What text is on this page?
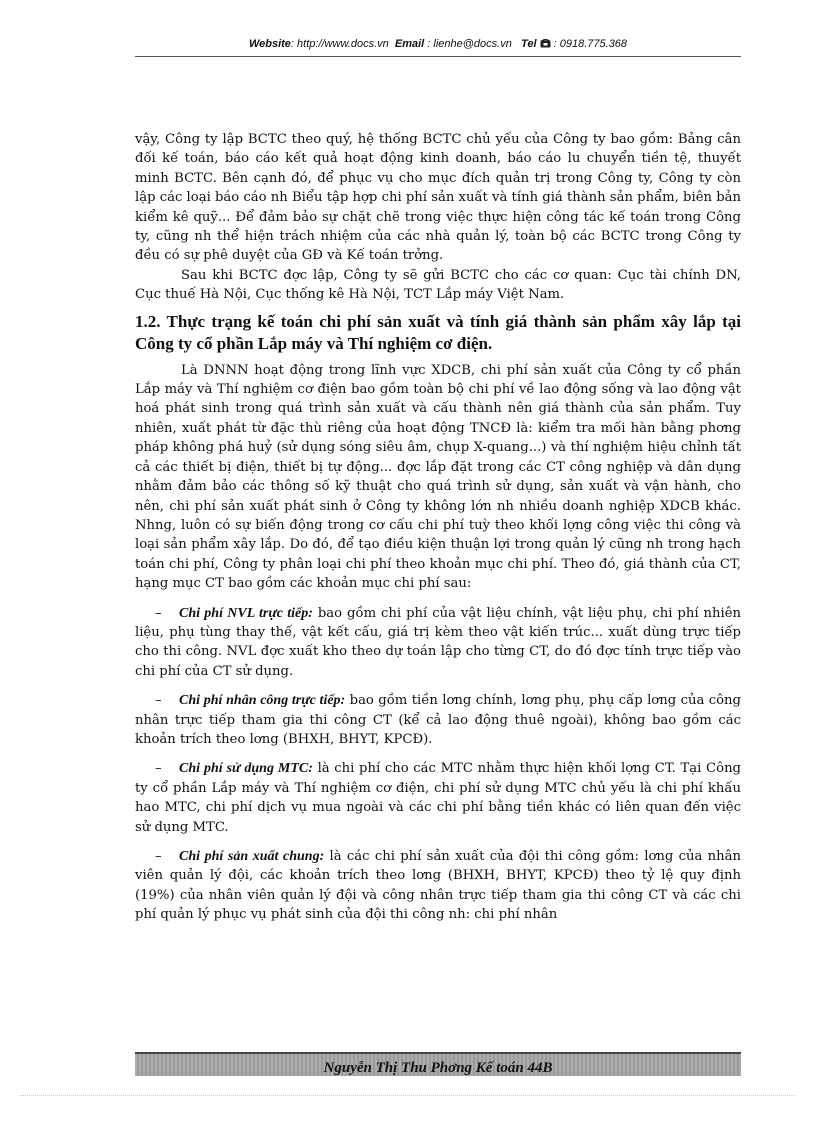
Website: http://www.docs.vn Email : lienhe@docs.vn Tel : 0918.775.368

vậy, Công ty lập BCTC theo quý, hệ thống BCTC chủ yếu của Công ty bao gồm: Bảng cân đối kế toán, báo cáo kết quả hoạt động kinh doanh, báo cáo lu chuyển tiền tệ, thuyết minh BCTC. Bên cạnh đó, để phục vụ cho mục đích quản trị trong Công ty, Công ty còn lập các loại báo cáo nh Biểu tập hợp chi phí sản xuất và tính giá thành sản phẩm, biên bản kiểm kê quỹ... Để đảm bảo sự chặt chẽ trong việc thực hiện công tác kế toán trong Công ty, cũng nh thể hiện trách nhiệm của các nhà quản lý, toàn bộ các BCTC trong Công ty đều có sự phê duyệt của GĐ và Kế toán trởng.

Sau khi BCTC đợc lập, Công ty sẽ gửi BCTC cho các cơ quan: Cục tài chính DN, Cục thuế Hà Nội, Cục thống kê Hà Nội, TCT Lắp máy Việt Nam.

1.2. Thực trạng kế toán chi phí sản xuất và tính giá thành sản phẩm xây lắp tại Công ty cổ phần Lắp máy và Thí nghiệm cơ điện.

Là DNNN hoạt động trong lĩnh vực XDCB, chi phí sản xuất của Công ty cổ phần Lắp máy và Thí nghiệm cơ điện bao gồm toàn bộ chi phí về lao động sống và lao động vật hoá phát sinh trong quá trình sản xuất và cấu thành nên giá thành của sản phẩm. Tuy nhiên, xuất phát từ đặc thù riêng của hoạt động TNCĐ là: kiểm tra mối hàn bằng phơng pháp không phá huỷ (sử dụng sóng siêu âm, chụp X-quang...) và thí nghiệm hiệu chỉnh tất cả các thiết bị điện, thiết bị tự động... đợc lắp đặt trong các CT công nghiệp và dân dụng nhằm đảm bảo các thông số kỹ thuật cho quá trình sử dụng, sản xuất và vận hành, cho nên, chi phí sản xuất phát sinh ở Công ty không lớn nh nhiều doanh nghiệp XDCB khác. Nhng, luôn có sự biến động trong cơ cấu chi phí tuỳ theo khối lợng công việc thi công và loại sản phẩm xây lắp. Do đó, để tạo điều kiện thuận lợi trong quản lý cũng nh trong hạch toán chi phí, Công ty phân loại chi phí theo khoản mục chi phí. Theo đó, giá thành của CT, hạng mục CT bao gồm các khoản mục chi phí sau:

– Chi phí NVL trực tiếp: bao gồm chi phí của vật liệu chính, vật liệu phụ, chi phí nhiên liệu, phụ tùng thay thế, vật kết cấu, giá trị kèm theo vật kiến trúc... xuất dùng trực tiếp cho thi công. NVL đợc xuất kho theo dự toán lập cho từng CT, do đó đợc tính trực tiếp vào chi phí của CT sử dụng.

– Chi phí nhân công trực tiếp: bao gồm tiền lơng chính, lơng phụ, phụ cấp lơng của công nhân trực tiếp tham gia thi công CT (kể cả lao động thuê ngoài), không bao gồm các khoản trích theo lơng (BHXH, BHYT, KPCĐ).

– Chi phí sử dụng MTC: là chi phí cho các MTC nhằm thực hiện khối lợng CT. Tại Công ty cổ phần Lắp máy và Thí nghiệm cơ điện, chi phí sử dụng MTC chủ yếu là chi phí khấu hao MTC, chi phí dịch vụ mua ngoài và các chi phí bằng tiền khác có liên quan đến việc sử dụng MTC.

– Chi phí sản xuất chung: là các chi phí sản xuất của đội thi công gồm: lơng của nhân viên quản lý đội, các khoản trích theo lơng (BHXH, BHYT, KPCĐ) theo tỷ lệ quy định (19%) của nhân viên quản lý đội và công nhân trực tiếp tham gia thi công CT và các chi phí quản lý phục vụ phát sinh của đội thi công nh: chi phí nhân

Nguyễn Thị Thu Phơng Kế toán 44B
